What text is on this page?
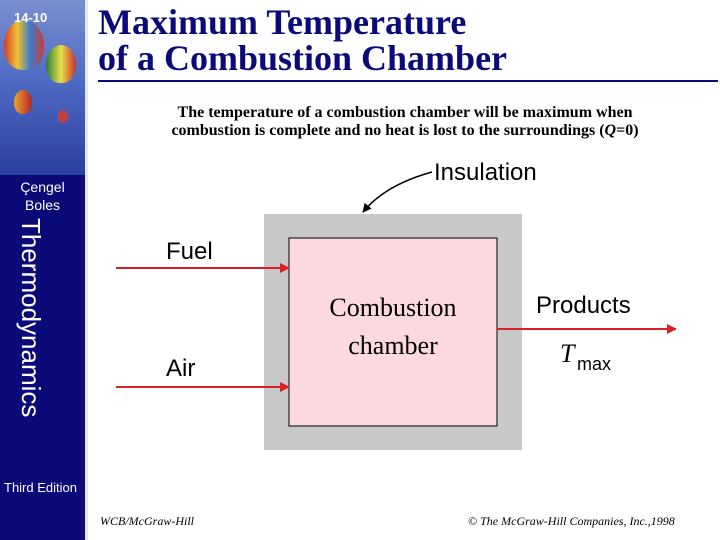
14-10
Çengel
Boles
Thermodynamics
Third Edition
Maximum Temperature
of a Combustion Chamber
The temperature of a combustion chamber will be maximum when
combustion is complete and no heat is lost to the surroundings (Q=0)
Insulation
Fuel
Air
Products
Combustion
chamber	T max
WCB/McGraw-Hill	© The McGraw-Hill Companies, Inc.,1998
